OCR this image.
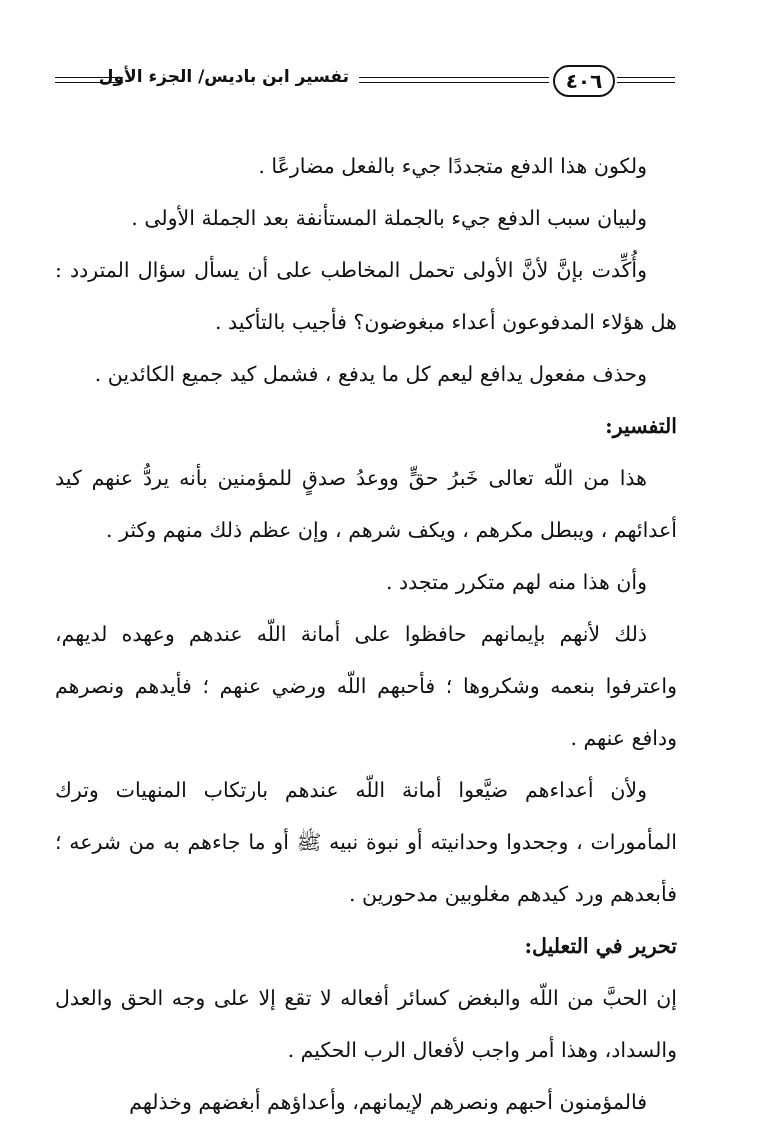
٤٠٦
تفسير ابن باديس/ الجزء الأول

ولكون هذا الدفع متجددًا جيء بالفعل مضارعًا .

ولبيان سبب الدفع جيء بالجملة المستأنفة بعد الجملة الأولى .

وأُكِّدت بإنَّ لأنَّ الأولى تحمل المخاطب على أن يسأل سؤال المتردد : هل هؤلاء المدفوعون أعداء مبغوضون؟ فأجيب بالتأكيد .

وحذف مفعول يدافع ليعم كل ما يدفع ، فشمل كيد جميع الكائدين .

التفسير:

هذا من اللّه تعالى خَبرُ حقٍّ ووعدُ صدقٍ للمؤمنين بأنه يردُّ عنهم كيد أعدائهم ، ويبطل مكرهم ، ويكف شرهم ، وإن عظم ذلك منهم وكثر .

وأن هذا منه لهم متكرر متجدد .

ذلك لأنهم بإيمانهم حافظوا على أمانة اللّه عندهم وعهده لديهم، واعترفوا بنعمه وشكروها ؛ فأحبهم اللّه ورضي عنهم ؛ فأيدهم ونصرهم ودافع عنهم .

ولأن أعداءهم ضيَّعوا أمانة اللّه عندهم بارتكاب المنهيات وترك المأمورات ، وجحدوا وحدانيته أو نبوة نبيه ﷺ أو ما جاءهم به من شرعه ؛ فأبعدهم ورد كيدهم مغلوبين مدحورين .

تحرير في التعليل:

إن الحبَّ من اللّه والبغض كسائر أفعاله لا تقع إلا على وجه الحق والعدل والسداد، وهذا أمر واجب لأفعال الرب الحكيم .

فالمؤمنون أحبهم ونصرهم لإيمانهم، وأعداؤهم أبغضهم وخذلهم
